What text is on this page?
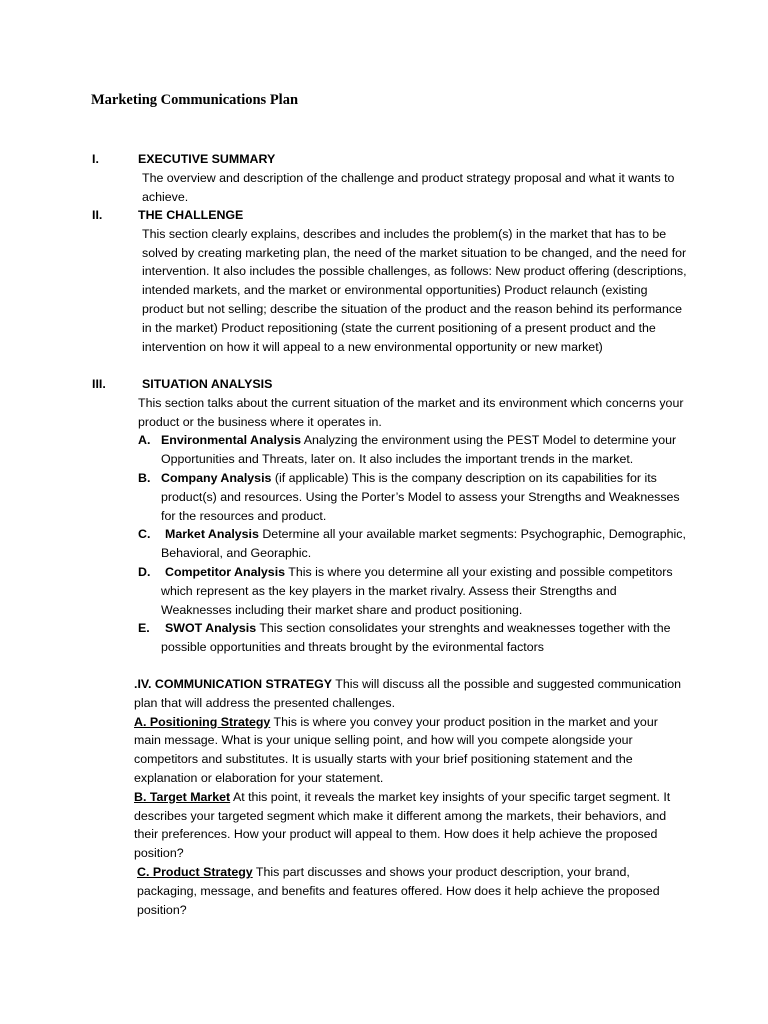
Marketing Communications Plan
I.	EXECUTIVE SUMMARY
The overview and description of the challenge and product strategy proposal and what it wants to achieve.
II.	THE CHALLENGE
This section clearly explains, describes and includes the problem(s) in the market that has to be solved by creating marketing plan, the need of the market situation to be changed, and the need for intervention. It also includes the possible challenges, as follows: New product offering (descriptions, intended markets, and the market or environmental opportunities) Product relaunch (existing product but not selling; describe the situation of the product and the reason behind its performance in the market) Product repositioning (state the current positioning of a present product and the intervention on how it will appeal to a new environmental opportunity or new market)
III.	SITUATION ANALYSIS
This section talks about the current situation of the market and its environment which concerns your product or the business where it operates in.
A. Environmental Analysis Analyzing the environment using the PEST Model to determine your Opportunities and Threats, later on. It also includes the important trends in the market.
B. Company Analysis (if applicable) This is the company description on its capabilities for its product(s) and resources. Using the Porter’s Model to assess your Strengths and Weaknesses for the resources and product.
C. Market Analysis Determine all your available market segments: Psychographic, Demographic, Behavioral, and Georaphic.
D. Competitor Analysis This is where you determine all your existing and possible competitors which represent as the key players in the market rivalry. Assess their Strengths and Weaknesses including their market share and product positioning.
E. SWOT Analysis This section consolidates your strenghts and weaknesses together with the possible opportunities and threats brought by the evironmental factors
.IV. COMMUNICATION STRATEGY This will discuss all the possible and suggested communication plan that will address the presented challenges.
A. Positioning Strategy This is where you convey your product position in the market and your main message. What is your unique selling point, and how will you compete alongside your competitors and substitutes. It is usually starts with your brief positioning statement and the explanation or elaboration for your statement.
B. Target Market At this point, it reveals the market key insights of your specific target segment. It describes your targeted segment which make it different among the markets, their behaviors, and their preferences. How your product will appeal to them. How does it help achieve the proposed position?
C. Product Strategy This part discusses and shows your product description, your brand, packaging, message, and benefits and features offered. How does it help achieve the proposed position?
